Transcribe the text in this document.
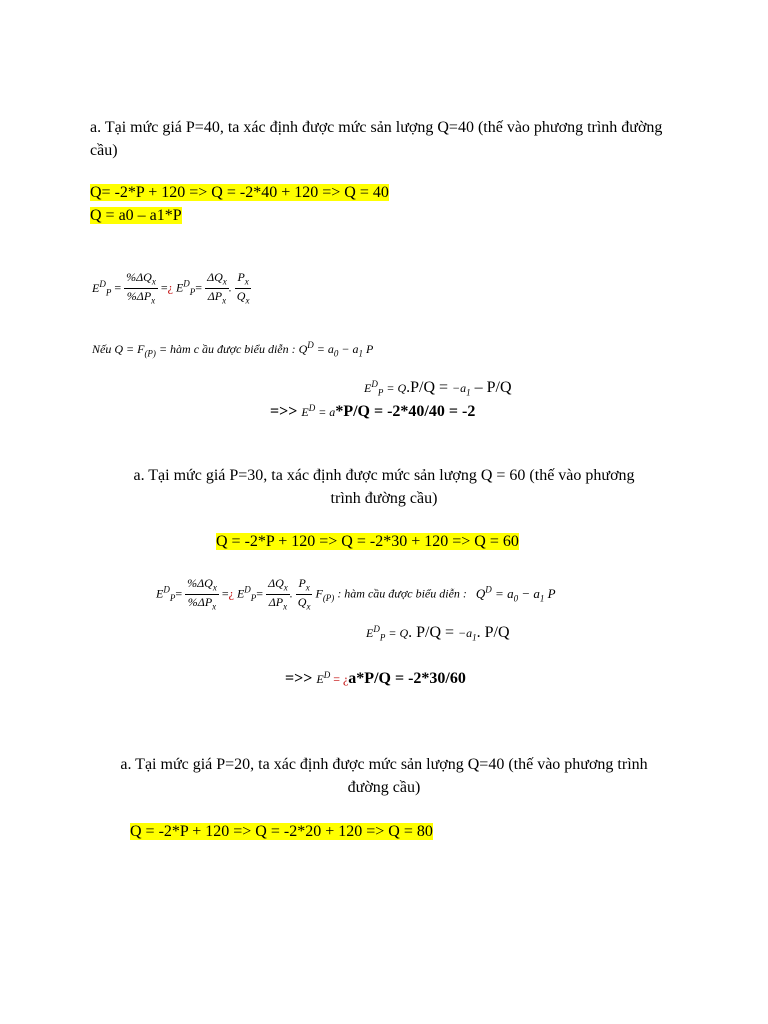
a. Tại mức giá P=40, ta xác định được mức sản lượng Q=40 (thế vào phương trình đường cầu)
Q= -2*P + 120 => Q = -2*40 + 120 => Q = 40
Q = a0 – a1*P
$E^D_P = \frac{\%\Delta Q_x}{\%\Delta P_x}$ =¿ $E^D_P= \frac{\Delta Q_x}{\Delta P_x}$ . $\frac{P_x}{Q_x}$
Nếu $Q = F_{(P)}$ = hàm c ầu được biểu diễn : $Q^D = a_0 - a_1$ P
$E^D_P = Q.P/Q = -a_1 - P/Q$
=>> $E^D = a*P/Q = -2*40/40 = -2$
a. Tại mức giá P=30, ta xác định được mức sản lượng Q = 60 (thế vào phương
trình đường cầu)
Q = -2*P + 120 => Q = -2*30 + 120 => Q = 60
$E^D_P= \frac{\%\Delta Q_x}{\%\Delta P_x}$ =¿ $E^D_P= \frac{\Delta Q_x}{\Delta P_x}$ . $\frac{P_x}{Q_x} F_{(P)}$ : hàm cầu được biểu diễn : $Q^D = a_0 - a_1$ P
$E^D_P = Q$. $P/Q = -a_1$. P/Q
=>> $E^D$ = ¿a*P/Q = -2*30/60
a. Tại mức giá P=20, ta xác định được mức sản lượng Q=40 (thế vào phương trình
đường cầu)
Q = -2*P + 120 => Q = -2*20 + 120 => Q = 80
